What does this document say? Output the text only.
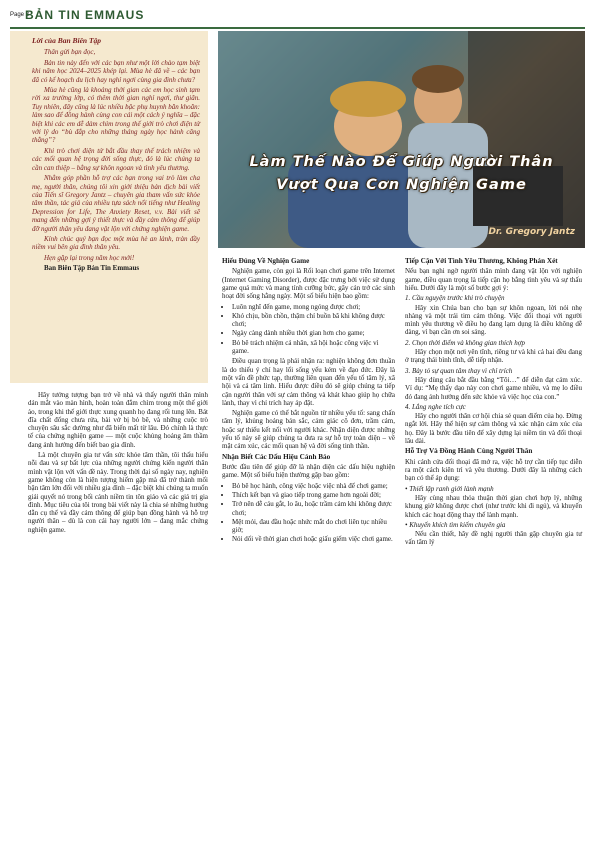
Page 2
BẢN TIN EMMAUS

Lời của Ban Biên Tập

Thân gửi bạn đọc,

Bản tin này đến với các bạn như một lời chào tạm biệt khi năm học 2024–2025 khép lại. Mùa hè đã về – các bạn đã có kế hoạch du lịch hay nghỉ ngơi cùng gia đình chưa?

Mùa hè cũng là khoảng thời gian các em học sinh tạm rời xa trường lớp, có thêm thời gian nghỉ ngơi, thư giãn. Tuy nhiên, đây cũng là lúc nhiều bậc phụ huynh băn khoăn: làm sao để đồng hành cùng con cái một cách ý nghĩa – đặc biệt khi các em dễ dàm chìm trong thế giới trò chơi điện tử với lý do “bù đắp cho những tháng ngày học hành căng thẳng”?

Khi trò chơi điện tử bắt đầu thay thế trách nhiệm và các mối quan hệ trọng đời sống thực, đó là lúc chúng ta cần can thiệp – bằng sự khôn ngoan và tình yêu thương.

Nhằm góp phần hỗ trợ các bạn trong vai trò làm cha mẹ, người thân, chúng tôi xin giới thiệu bản dịch bài viết của Tiến sĩ Gregory Jantz – chuyên gia tham vấn sức khỏe tâm thần, tác giả của nhiều tựa sách nổi tiếng như Healing Depression for Life, The Anxiety Reset, v.v. Bài viết sẽ mang đến những gợi ý thiết thực và đầy cảm thông để giúp đỡ người thân yêu đang vật lộn với chứng nghiện game.

Kính chúc quý bạn đọc một mùa hè an lành, tràn đầy niềm vui bên gia đình thân yêu.

Hẹn gặp lại trong năm học mới!

Ban Biên Tập Bản Tin Emmaus

Làm Thế Nào Để Giúp Người Thân
Vượt Qua Cơn Nghiện Game
Dr. Gregory Jantz

Hãy tưởng tượng bạn trở về nhà và thấy người thân mình dán mắt vào màn hình, hoàn toàn đắm chìm trong một thế giới ảo, trong khi thế giới thực xung quanh họ đang rối tung lên. Bát đĩa chất đống chưa rửa, bài vở bị bỏ bê, và những cuộc trò chuyện sâu sắc dường như đã biến mất từ lâu. Đó chính là thực tế của chứng nghiện game — một cuộc khủng hoảng âm thầm đang ảnh hưởng đến biết bao gia đình.

Là một chuyên gia tư vấn sức khỏe tâm thần, tôi thấu hiểu nỗi đau và sự bất lực của những người chứng kiến người thân mình vật lộn với vấn đề này. Trong thời đại số ngày nay, nghiện game không còn là hiện tượng hiếm gặp mà đã trở thành mối bận tâm lớn đối với nhiều gia đình – đặc biệt khi chúng ta muốn giải quyết nó trong bối cảnh niềm tin tôn giáo và các giá trị gia đình. Mục tiêu của tôi trong bài viết này là chia sẻ những hướng dẫn cụ thể và đầy cảm thông để giúp bạn đồng hành và hỗ trợ người thân – dù là con cái hay người lớn – đang mắc chứng nghiện game.

Hiểu Đúng Về Nghiện Game

Nghiện game, còn gọi là Rối loạn chơi game trên Internet (Internet Gaming Disorder), được đặc trưng bởi việc sử dụng game quá mức và mang tính cưỡng bức, gây cản trở các sinh hoạt đời sống hằng ngày. Một số biểu hiện bao gồm:

• Luôn nghĩ đến game, mong ngóng được chơi;
• Khó chịu, bồn chồn, thậm chí buồn bã khi không được chơi;
• Ngày càng dành nhiều thời gian hơn cho game;
• Bỏ bê trách nhiệm cá nhân, xã hội hoặc công việc vì game.

Điều quan trọng là phải nhận ra: nghiện không đơn thuần là do thiếu ý chí hay lối sống yếu kém về đạo đức. Đây là một vấn đề phức tạp, thường liên quan đến yếu tố tâm lý, xã hội và cả tâm linh. Hiểu được điều đó sẽ giúp chúng ta tiếp cận người thân với sự cảm thông và khát khao giúp họ chữa lành, thay vì chỉ trích hay áp đặt.

Nghiện game có thể bắt nguồn từ nhiều yếu tố: sang chấn tâm lý, khủng hoảng bản sắc, cảm giác cô đơn, trầm cảm, hoặc sự thiếu kết nối với người khác. Nhận diện được những yếu tố này sẽ giúp chúng ta đưa ra sự hỗ trợ toàn diện – về mặt cảm xúc, các mối quan hệ và đời sống tinh thần.

Nhận Biết Các Dấu Hiệu Cảnh Báo

Bước đầu tiên để giúp đỡ là nhận diện các dấu hiệu nghiện game. Một số biểu hiện thường gặp bao gồm:

• Bỏ bê học hành, công việc hoặc việc nhà để chơi game;
• Thích kết bạn và giao tiếp trong game hơn ngoài đời;
• Trở nên dễ cáu gắt, lo âu, hoặc trầm cảm khi không được chơi;
• Mệt mỏi, đau đầu hoặc nhức mắt do chơi liên tục nhiều giờ;
• Nói dối về thời gian chơi hoặc giấu giếm việc chơi game.
Tiếp Cận Với Tình Yêu Thương, Không Phán Xét

Nếu bạn nghi ngờ người thân mình đang vật lộn với nghiện game, điều quan trọng là tiếp cận họ bằng tình yêu và sự thấu hiểu. Dưới đây là một số bước gợi ý:

1. Cầu nguyện trước khi trò chuyện

Hãy xin Chúa ban cho bạn sự khôn ngoan, lời nói nhẹ nhàng và một trái tim cảm thông. Việc đối thoại với người mình yêu thương về điều họ đang lạm dụng là điều không dễ dàng, vì bạn cần ơn soi sáng.

2. Chọn thời điểm và không gian thích hợp

Hãy chọn một nơi yên tĩnh, riêng tư và khi cả hai đều đang ở trạng thái bình tĩnh, dễ tiếp nhận.

3. Bày tỏ sự quan tâm thay vì chỉ trích

Hãy dùng câu bắt đầu bằng “Tôi…” để diễn đạt cảm xúc. Ví dụ: “Mẹ thấy dạo này con chơi game nhiều, và mẹ lo điều đó đang ảnh hưởng đến sức khỏe và việc học của con.”

4. Lắng nghe tích cực

Hãy cho người thân cơ hội chia sẻ quan điểm của họ. Đừng ngắt lời. Hãy thể hiện sự cảm thông và xác nhận cảm xúc của họ. Đây là bước đầu tiên để xây dựng lại niềm tin và đối thoại lâu dài.

Hỗ Trợ Và Đồng Hành Cùng Người Thân

Khi cánh cửa đối thoại đã mở ra, việc hỗ trợ cần tiếp tục diễn ra một cách kiên trì và yêu thương. Dưới đây là những cách bạn có thể áp dụng:

• Thiết lập ranh giới lành mạnh

Hãy cùng nhau thỏa thuận thời gian chơi hợp lý, những khung giờ không được chơi (như trước khi đi ngủ), và khuyến khích các hoạt động thay thế lành mạnh.

• Khuyến khích tìm kiếm chuyên gia

Nếu cần thiết, hãy đề nghị người thân gặp chuyên gia tư vấn tâm lý
